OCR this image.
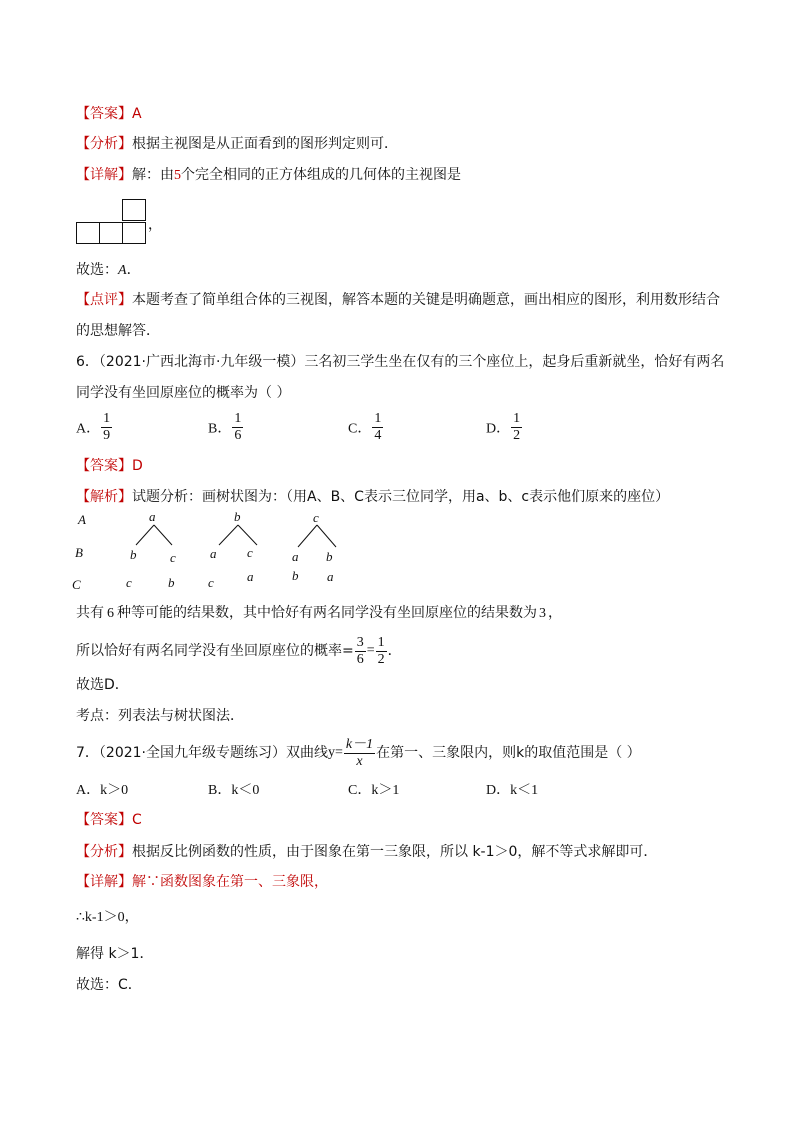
【答案】A
【分析】根据主视图是从正面看到的图形判定则可．
【详解】解：由5个完全相同的正方体组成的几何体的主视图是
，
故选：A．
【点评】本题考查了简单组合体的三视图，解答本题的关键是明确题意，画出相应的图形，利用数形结合
的思想解答．
6．（2021·广西北海市·九年级一模）三名初三学生坐在仅有的三个座位上，起身后重新就坐，恰好有两名
同学没有坐回原座位的概率为（ ）
A． $\frac{1}{9}$	B． $\frac{1}{6}$	C． $\frac{1}{4}$	D． $\frac{1}{2}$
【答案】D
【解析】试题分析：画树状图为：（用A、B、C表示三位同学，用a、b、c表示他们原来的座位）
A
B
C
a	b	c
b	c	a c	a b
c	b	c	a	b a
共有 6 种等可能的结果数，其中恰好有两名同学没有坐回原座位的结果数为 3 ，
所以恰好有两名同学没有坐回原座位的概率= $\frac{3}{6} = \frac{1}{2}$ ．
故选D．
考点：列表法与树状图法．
7．（2021·全国九年级专题练习）双曲线$y= \frac{k-1}{x}$ 在第一、三象限内，则k的取值范围是（ ）
A．k＞0	B．k＜0	C．k＞1	D．k＜1
【答案】C
【分析】根据反比例函数的性质，由于图象在第一三象限，所以 k-1＞0，解不等式求解即可．
【详解】解∵函数图象在第一、三象限，
∴k-1＞0，
解得 k＞1．
故选：C．
